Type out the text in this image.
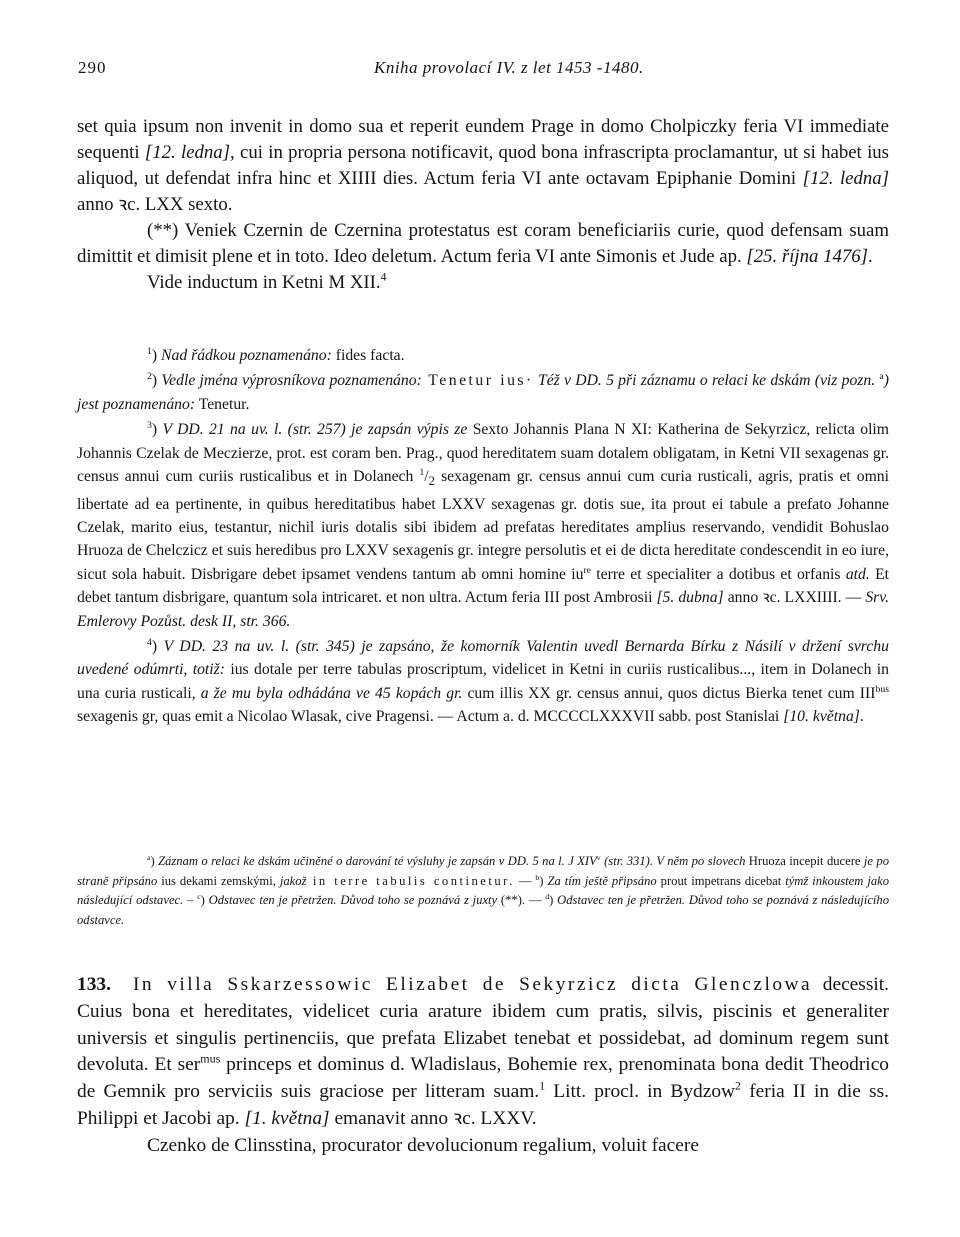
290	Kniha provolací IV. z let 1453 -1480.

set quia ipsum non invenit in domo sua et reperit eundem Prage in domo Cholpiczky feria VI immediate sequenti [12. ledna], cui in propria persona notificavit, quod bona infrascripta proclamantur, ut si habet ius aliquod, ut defendat infra hinc et XIIII dies. Actum feria VI ante octavam Epiphanie Domini [12. ledna] anno ꝛc. LXX sexto.

(**) Veniek Czernin de Czernina protestatus est coram beneficiariis curie, quod defensam suam dimittit et dimisit plene et in toto. Ideo deletum. Actum feria VI ante Simonis et Jude ap. [25. října 1476].

Vide inductum in Ketni M XII.$^4$

$^1$) Nad řádkou poznamenáno: fides facta.

$^2$) Vedle jména výprosníkova poznamenáno: Tenetur ius· Též v DD. 5 při záznamu o relaci ke dskám (viz pozn. $^a$) jest poznamenáno: Tenetur.

$^3$) V DD. 21 na uv. l. (str. 257) je zapsán výpis ze Sexto Johannis Plana N XI: Katherina de Sekyrzicz, relicta olim Johannis Czelak de Meczierze, prot. est coram ben. Prag., quod hereditatem suam dotalem obligatam, in Ketni VII sexagenas gr. census annui cum curiis rusticalibus et in Dolanech $^1/_2$ sexagenam gr. census annui cum curia rusticali, agris, pratis et omni libertate ad ea pertinente, in quibus hereditatibus habet LXXV sexagenas gr. dotis sue, ita prout ei tabule a prefato Johanne Czelak, marito eius, testantur, nichil iuris dotalis sibi ibidem ad prefatas hereditates amplius reservando, vendidit Bohuslao Hruoza de Chelczicz et suis heredibus pro LXXV sexagenis gr. integre persolutis et ei de dicta hereditate condescendit in eo iure, sicut sola habuit. Disbrigare debet ipsamet vendens tantum ab omni homine $iu^{re}$ terre et specialiter a dotibus et orfanis atd. Et debet tantum disbrigare, quantum sola intricaret. et non ultra. Actum feria III post Ambrosii [5. dubna] anno ꝛc. LXXIIII. — Srv. Emlerovy Pozůst. desk II, str. 366.

$^4$) V DD. 23 na uv. l. (str. 345) je zapsáno, že komorník Valentin uvedl Bernarda Bírku z Násilí v držení svrchu uvedené odúmrti, totiž: ius dotale per terre tabulas proscriptum, videlicet in Ketni in curiis rusticalibus..., item in Dolanech in una curia rusticali, a že mu byla odhádána ve 45 kopách gr. cum illis XX gr. census annui, quos dictus Bierka tenet cum $III^{bus}$ sexagenis gr, quas emit a Nicolao Wlasak, cive Pragensi. — Actum a. d. MCCCCLXXXVII sabb. post Stanislai [10. května].

$^a$) Záznam o relaci ke dskám učiněné o darování té výsluhy je zapsán v DD. 5 na l. J XIV$^v$ (str. 331). V něm po slovech Hruoza incepit ducere je po straně připsáno ius dekami zemskými, jakož in terre tabulis continetur. — $^b$) Za tím ještě připsáno prout impetrans dicebat týmž inkoustem jako následující odstavec. – $^c$) Odstavec ten je přetržen. Důvod toho se poznává z juxty (**). — $^d$) Odstavec ten je přetržen. Důvod toho se poznává z následujícího odstavce.

133. In villa Sskarzessowic Elizabet de Sekyrzicz dicta Glenczlowa decessit. Cuius bona et hereditates, videlicet curia arature ibidem cum pratis, silvis, piscinis et generaliter universis et singulis pertinenciis, que prefata Elizabet tenebat et possidebat, ad dominum regem sunt devoluta. Et ser$^{mus}$ princeps et dominus d. Wladislaus, Bohemie rex, prenominata bona dedit Theodrico de Gemnik pro serviciis suis graciose per litteram suam.$^1$ Litt. procl. in Bydzow$^2$ feria II in die ss. Philippi et Jacobi ap. [1. května] emanavit anno ꝛc. LXXV.

Czenko de Clinsstina, procurator devolucionum regalium, voluit facere
